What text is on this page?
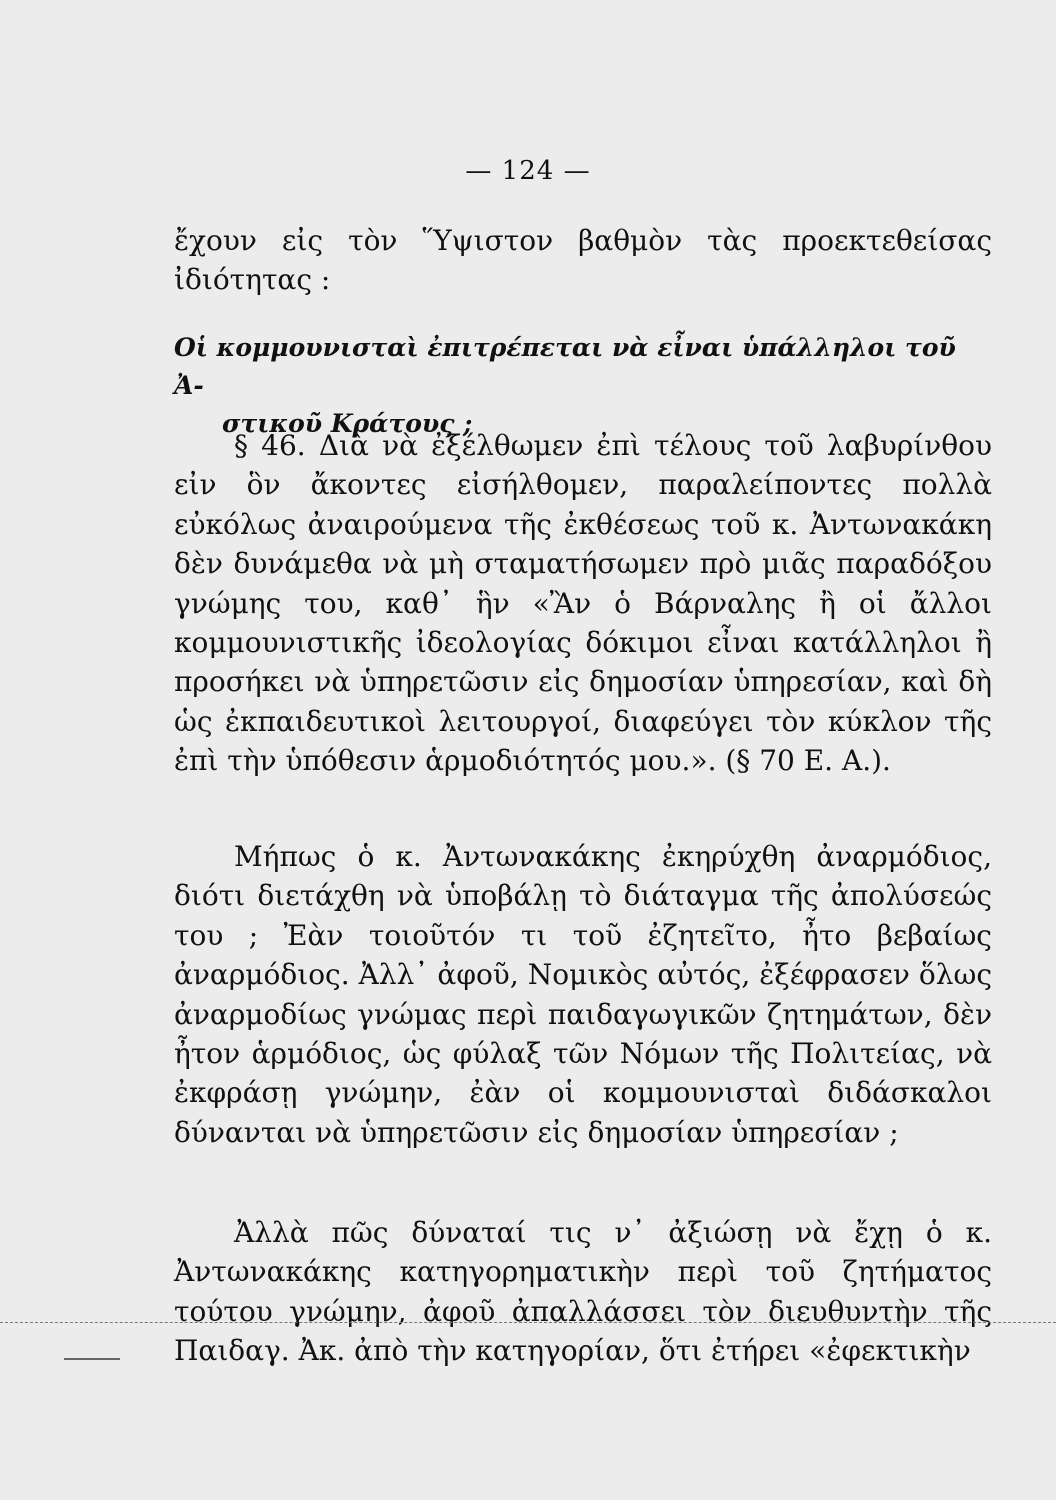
— 124 —

ἔχουν εἰς τὸν Ὕψιστον βαθμὸν τὰς προεκτεθείσας ἰδιότητας :

Οἱ κομμουνισταὶ ἐπιτρέπεται νὰ εἶναι ὑπάλληλοι τοῦ Ἀ-
στικοῦ Κράτους ;

§ 46. Διὰ νὰ ἐξέλθωμεν ἐπὶ τέλους τοῦ λαβυρίνθου εἰν ὃν ἄκοντες εἰσήλθομεν, παραλείποντες πολλὰ εὐκόλως ἀναιρούμενα τῆς ἐκθέσεως τοῦ κ. Ἀντωνακάκη δὲν δυνάμεθα νὰ μὴ σταματήσωμεν πρὸ μιᾶς παραδόξου γνώμης του, καθ᾽ ἣν «Ἂν ὁ Βάρναλης ἢ οἱ ἄλλοι κομμουνιστικῆς ἰδεολογίας δόκιμοι εἶναι κατάλληλοι ἢ προσήκει νὰ ὑπηρετῶσιν εἰς δημοσίαν ὑπηρεσίαν, καὶ δὴ ὡς ἐκπαιδευτικοὶ λειτουργοί, διαφεύγει τὸν κύκλον τῆς ἐπὶ τὴν ὑπόθεσιν ἁρμοδιότητός μου.». (§ 70 Ε. Α.).

Μήπως ὁ κ. Ἀντωνακάκης ἐκηρύχθη ἀναρμόδιος, διότι διετάχθη νὰ ὑποβάλῃ τὸ διάταγμα τῆς ἀπολύσεώς του ; Ἐὰν τοιοῦτόν τι τοῦ ἐζητεῖτο, ἦτο βεβαίως ἀναρμόδιος. Ἀλλ᾽ ἀφοῦ, Νομικὸς αὐτός, ἐξέφρασεν ὅλως ἀναρμοδίως γνώμας περὶ παιδαγωγικῶν ζητημάτων, δὲν ἦτον ἁρμόδιος, ὡς φύλαξ τῶν Νόμων τῆς Πολιτείας, νὰ ἐκφράσῃ γνώμην, ἐὰν οἱ κομμουνισταὶ διδάσκαλοι δύνανται νὰ ὑπηρετῶσιν εἰς δημοσίαν ὑπηρεσίαν ;

Ἀλλὰ πῶς δύναταί τις ν᾽ ἀξιώσῃ νὰ ἔχῃ ὁ κ. Ἀντωνακάκης κατηγορηματικὴν περὶ τοῦ ζητήματος τούτου γνώμην, ἀφοῦ ἀπαλλάσσει τὸν διευθυντὴν τῆς Παιδαγ. Ἀκ. ἀπὸ τὴν κατηγορίαν, ὅτι ἐτήρει «ἐφεκτικὴν
